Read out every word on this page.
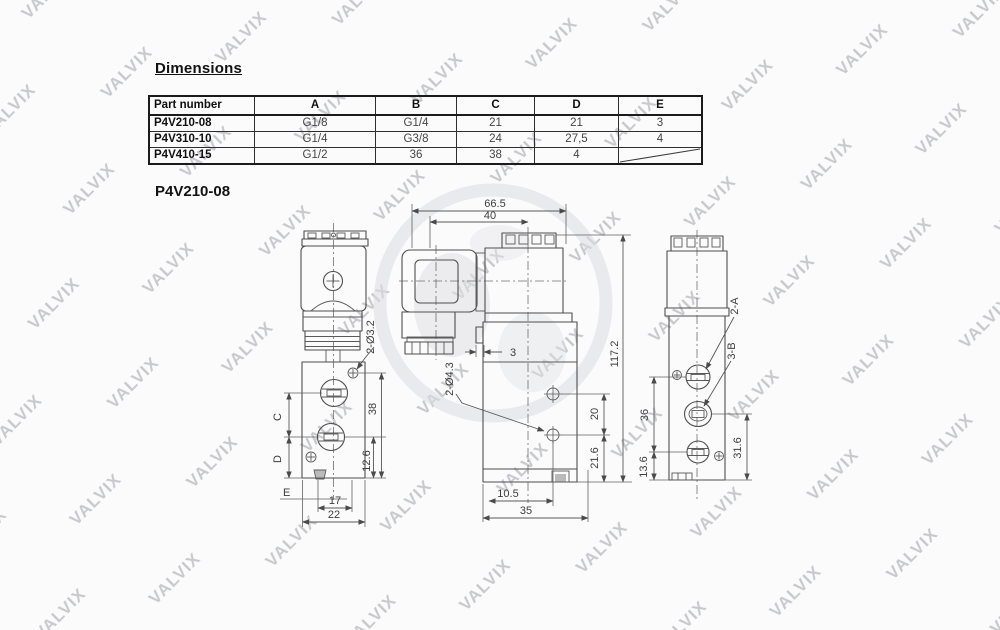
Dimensions
P4V210-08
Part number	A	B	C	D	E
P4V210-08	G1/8	G1/4	21	21	3
P4V310-10	G1/4	G3/8	24	27,5	4
P4V410-15	G1/2	36	38	4	
C
D
E
38
12.6
2-Ø3.2
17
22
66.5
40
3
2-Ø4.3
20
21.6
117.2
10.5
35
2-A
3-B
36
13.6
31.6
